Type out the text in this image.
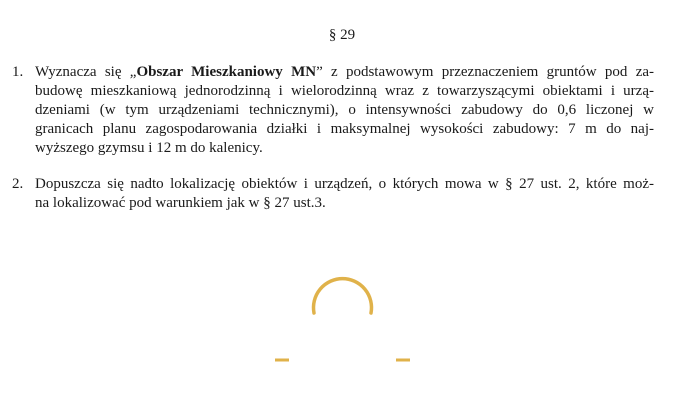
§ 29
1. Wyznacza się „Obszar Mieszkaniowy MN” z podstawowym przeznaczeniem gruntów pod za-
budowę mieszkaniową jednorodzinną i wielorodzinną wraz z towarzyszącymi obiektami i urzą-
dzeniami (w tym urządzeniami technicznymi), o intensywności zabudowy do 0,6 liczonej w
granicach planu zagospodarowania działki i maksymalnej wysokości zabudowy: 7 m do naj-
wyższego gzymsu i 12 m do kalenicy.
2. Dopuszcza się nadto lokalizację obiektów i urządzeń, o których mowa w § 27 ust. 2, które moż-
na lokalizować pod warunkiem jak w § 27 ust.3.
